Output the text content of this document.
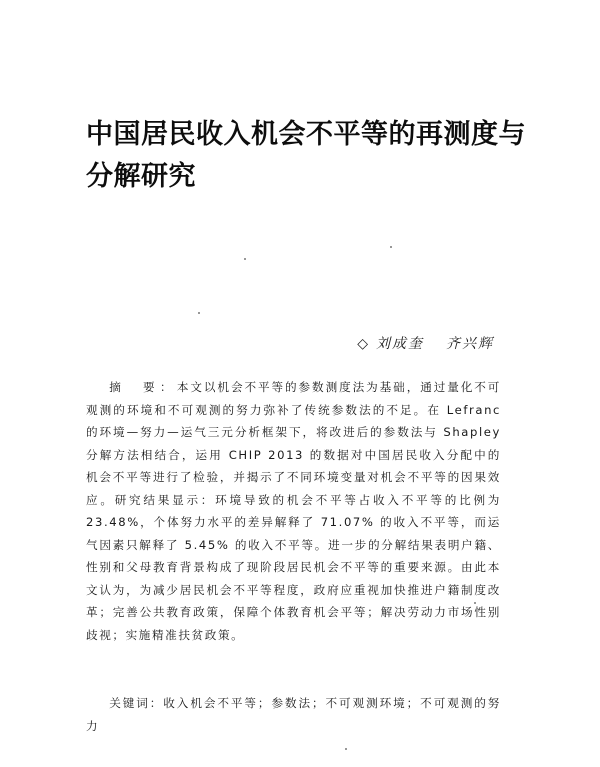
中国居民收入机会不平等的再测度与分解研究
◇ 刘成奎 齐兴辉

摘　要：本文以机会不平等的参数测度法为基础，通过量化不可观测的环境和不可观测的努力弥补了传统参数法的不足。在 Lefranc 的环境—努力—运气三元分析框架下，将改进后的参数法与 Shapley 分解方法相结合，运用 CHIP 2013 的数据对中国居民收入分配中的机会不平等进行了检验，并揭示了不同环境变量对机会不平等的因果效应。研究结果显示：环境导致的机会不平等占收入不平等的比例为 23.48%，个体努力水平的差异解释了 71.07% 的收入不平等，而运气因素只解释了 5.45% 的收入不平等。进一步的分解结果表明户籍、性别和父母教育背景构成了现阶段居民机会不平等的重要来源。由此本文认为，为减少居民机会不平等程度，政府应重视加快推进户籍制度改革；完善公共教育政策，保障个体教育机会平等；解决劳动力市场性别歧视；实施精准扶贫政策。

关键词：收入机会不平等；参数法；不可观测环境；不可观测的努力
